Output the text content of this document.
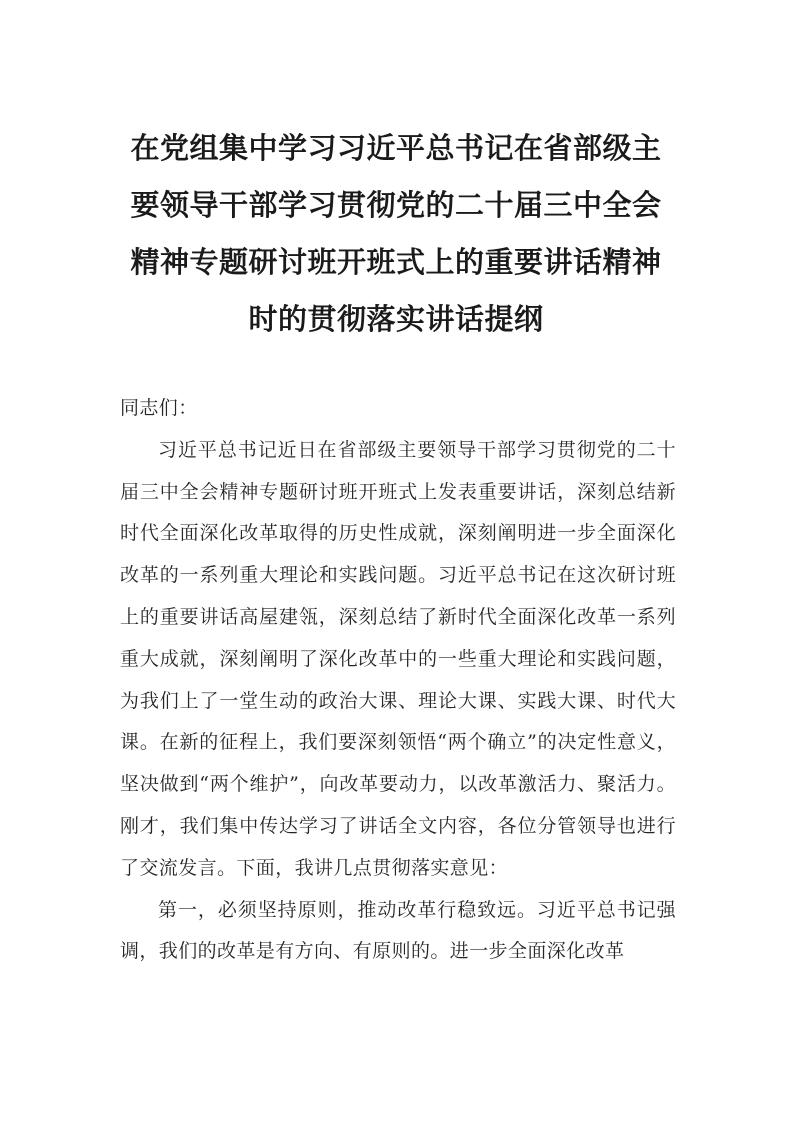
在党组集中学习习近平总书记在省部级主要领导干部学习贯彻党的二十届三中全会精神专题研讨班开班式上的重要讲话精神时的贯彻落实讲话提纲

同志们：

习近平总书记近日在省部级主要领导干部学习贯彻党的二十届三中全会精神专题研讨班开班式上发表重要讲话，深刻总结新时代全面深化改革取得的历史性成就，深刻阐明进一步全面深化改革的一系列重大理论和实践问题。习近平总书记在这次研讨班上的重要讲话高屋建瓴，深刻总结了新时代全面深化改革一系列重大成就，深刻阐明了深化改革中的一些重大理论和实践问题，为我们上了一堂生动的政治大课、理论大课、实践大课、时代大课。在新的征程上，我们要深刻领悟“两个确立”的决定性意义，坚决做到“两个维护”，向改革要动力，以改革激活力、聚活力。刚才，我们集中传达学习了讲话全文内容，各位分管领导也进行了交流发言。下面，我讲几点贯彻落实意见：

第一，必须坚持原则，推动改革行稳致远。习近平总书记强调，我们的改革是有方向、有原则的。进一步全面深化改革
